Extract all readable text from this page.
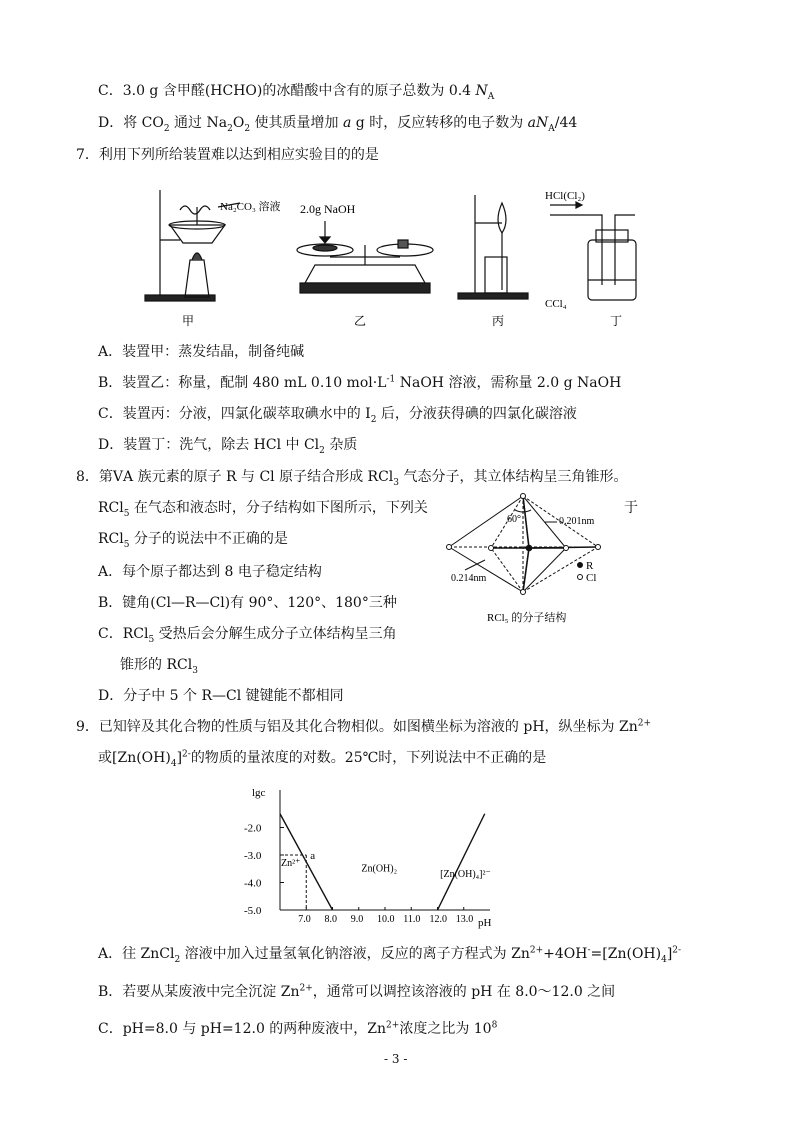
C．3.0 g 含甲醛(HCHO)的冰醋酸中含有的原子总数为 0.4 $N_A$
D．将 $CO_2$ 通过 $Na_2O_2$ 使其质量增加 a g 时，反应转移的电子数为 $aN_A/44$
7．利用下列所给装置难以达到相应实验目的的是
Na₂CO₃ 溶液 2.0g NaOH
HCl(Cl₂)
CCl₄
甲	乙	丙	丁
A．装置甲：蒸发结晶，制备纯碱
B．装置乙：称量，配制 480 mL 0.10 $mol\cdot L^{-1}$ NaOH 溶液，需称量 2.0 g NaOH
C．装置丙：分液，四氯化碳萃取碘水中的 $I_2$ 后，分液获得碘的四氯化碳溶液
D．装置丁：洗气，除去 HCl 中 $Cl_2$ 杂质
8．第ⅤA 族元素的原子 R 与 Cl 原子结合形成 RCl$_3$ 气态分子，其立体结构呈三角锥形。
RCl$_5$ 在气态和液态时，分子结构如下图所示，下列关	于
RCl$_5$ 分子的说法中不正确的是
A．每个原子都达到 8 电子稳定结构
B．键角(Cl—R—Cl)有 90°、120°、180°三种
C．RCl$_5$ 受热后会分解生成分子立体结构呈三角
锥形的 RCl$_3$
D．分子中 5 个 R—Cl 键键能不都相同
60°	0.201nm
0.214nm
R
Cl
RCl₅ 的分子结构
9．已知锌及其化合物的性质与铝及其化合物相似。如图横坐标为溶液的 pH，纵坐标为 $Zn^{2+}$
或$[Zn(OH)_4]^{2-}$的物质的量浓度的对数。25℃时，下列说法中不正确的是
lgc
pH
-2.0
-3.0
-4.0
-5.0
7.0 8.0 9.0 10.0 11.0 12.0 13.0
a
Zn²⁺	Zn(OH)₂	[Zn(OH)₄]²⁻
A．往 ZnCl$_2$ 溶液中加入过量氢氧化钠溶液，反应的离子方程式为 $Zn^{2+}+4OH^-=[Zn(OH)_4]^{2-}$
B．若要从某废液中完全沉淀 $Zn^{2+}$，通常可以调控该溶液的 pH 在 8.0～12.0 之间
C．pH=8.0 与 pH=12.0 的两种废液中，$Zn^{2+}$浓度之比为 $10^8$
- 3 -
